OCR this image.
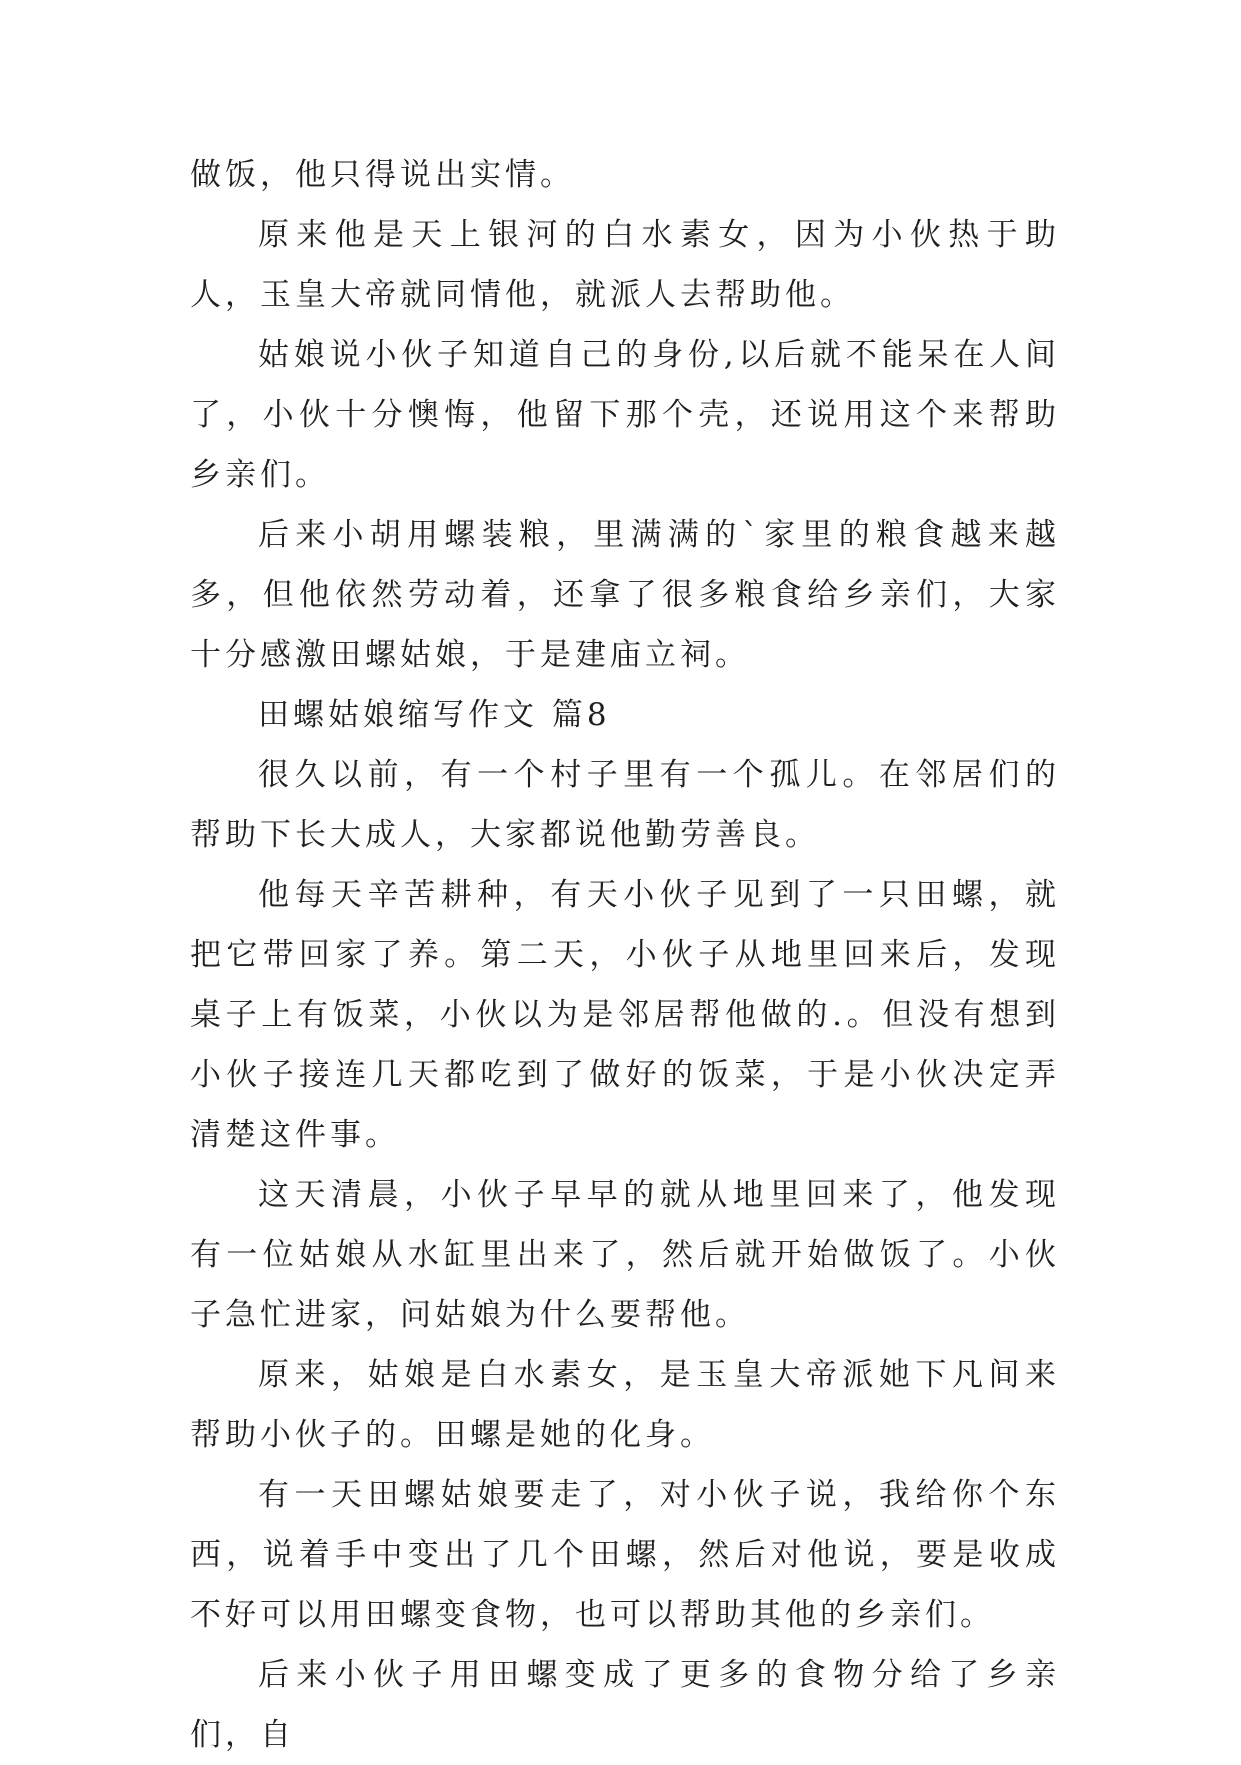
做饭，他只得说出实情。

原来他是天上银河的白水素女，因为小伙热于助人，玉皇大帝就同情他，就派人去帮助他。

姑娘说小伙子知道自己的身份,以后就不能呆在人间了，小伙十分懊悔，他留下那个壳，还说用这个来帮助乡亲们。

后来小胡用螺装粮，里满满的`家里的粮食越来越多，但他依然劳动着，还拿了很多粮食给乡亲们，大家十分感激田螺姑娘，于是建庙立祠。

田螺姑娘缩写作文 篇8

很久以前，有一个村子里有一个孤儿。在邻居们的帮助下长大成人，大家都说他勤劳善良。

他每天辛苦耕种，有天小伙子见到了一只田螺，就把它带回家了养。第二天，小伙子从地里回来后，发现桌子上有饭菜，小伙以为是邻居帮他做的.。但没有想到小伙子接连几天都吃到了做好的饭菜，于是小伙决定弄清楚这件事。

这天清晨，小伙子早早的就从地里回来了，他发现有一位姑娘从水缸里出来了，然后就开始做饭了。小伙子急忙进家，问姑娘为什么要帮他。

原来，姑娘是白水素女，是玉皇大帝派她下凡间来帮助小伙子的。田螺是她的化身。

有一天田螺姑娘要走了，对小伙子说，我给你个东西，说着手中变出了几个田螺，然后对他说，要是收成不好可以用田螺变食物，也可以帮助其他的乡亲们。

后来小伙子用田螺变成了更多的食物分给了乡亲们，自
